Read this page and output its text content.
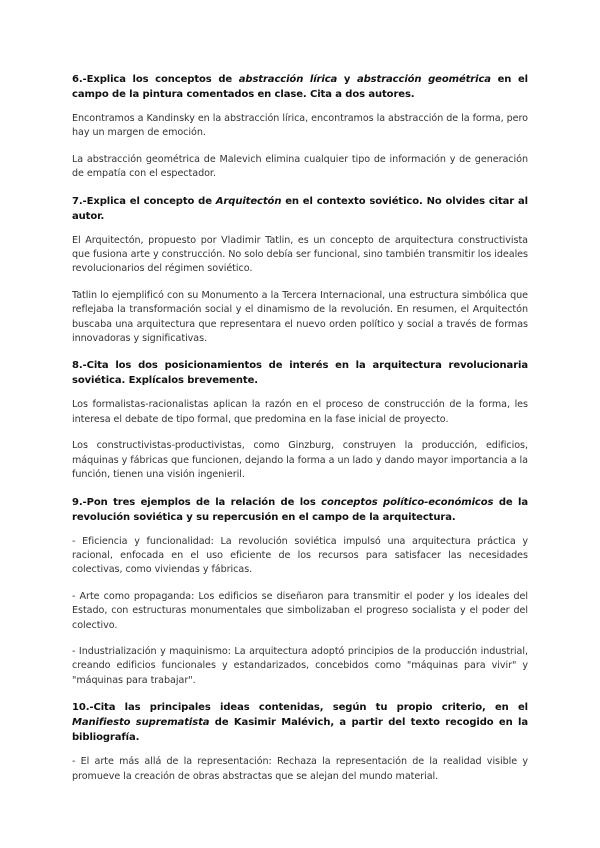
6.-Explica los conceptos de abstracción lírica y abstracción geométrica en el campo de la pintura comentados en clase. Cita a dos autores.

Encontramos a Kandinsky en la abstracción lírica, encontramos la abstracción de la forma, pero hay un margen de emoción.

La abstracción geométrica de Malevich elimina cualquier tipo de información y de generación de empatía con el espectador.

7.-Explica el concepto de Arquitectón en el contexto soviético. No olvides citar al autor.

El Arquitectón, propuesto por Vladimir Tatlin, es un concepto de arquitectura constructivista que fusiona arte y construcción. No solo debía ser funcional, sino también transmitir los ideales revolucionarios del régimen soviético.

Tatlin lo ejemplificó con su Monumento a la Tercera Internacional, una estructura simbólica que reflejaba la transformación social y el dinamismo de la revolución. En resumen, el Arquitectón buscaba una arquitectura que representara el nuevo orden político y social a través de formas innovadoras y significativas.

8.-Cita los dos posicionamientos de interés en la arquitectura revolucionaria soviética. Explícalos brevemente.

Los formalistas-racionalistas aplican la razón en el proceso de construcción de la forma, les interesa el debate de tipo formal, que predomina en la fase inicial de proyecto.

Los constructivistas-productivistas, como Ginzburg, construyen la producción, edificios, máquinas y fábricas que funcionen, dejando la forma a un lado y dando mayor importancia a la función, tienen una visión ingenieril.

9.-Pon tres ejemplos de la relación de los conceptos político-económicos de la revolución soviética y su repercusión en el campo de la arquitectura.

- Eficiencia y funcionalidad: La revolución soviética impulsó una arquitectura práctica y racional, enfocada en el uso eficiente de los recursos para satisfacer las necesidades colectivas, como viviendas y fábricas.

- Arte como propaganda: Los edificios se diseñaron para transmitir el poder y los ideales del Estado, con estructuras monumentales que simbolizaban el progreso socialista y el poder del colectivo.

- Industrialización y maquinismo: La arquitectura adoptó principios de la producción industrial, creando edificios funcionales y estandarizados, concebidos como "máquinas para vivir" y "máquinas para trabajar".

10.-Cita las principales ideas contenidas, según tu propio criterio, en el Manifiesto suprematista de Kasimir Malévich, a partir del texto recogido en la bibliografía.

- El arte más allá de la representación: Rechaza la representación de la realidad visible y promueve la creación de obras abstractas que se alejan del mundo material.
